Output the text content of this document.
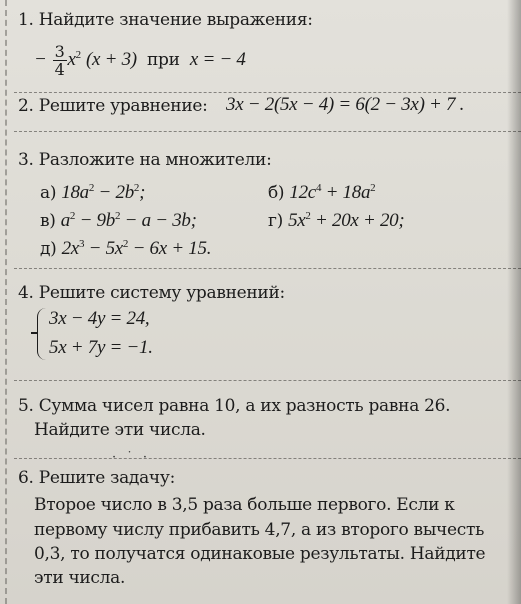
1. Найдите значение выражения:
− $\frac{3}{4} x^2$ (x + 3) при x = − 4
2. Решите уравнение: 3x − 2(5x − 4) = 6(2 − 3x) + 7 .
3. Разложите на множители:
а) $18a^2 - 2b^2$;	б) $12c^4 + 18a^2$
в) $a^2 - 9b^2 - a - 3b$;	г) $5x^2 + 20x + 20$;
д) $2x^3 - 5x^2 - 6x + 15$.
4. Решите систему уравнений:
3x − 4y = 24,
5x + 7y = −1.
5. Сумма чисел равна 10, а их разность равна 26.
Найдите эти числа.
· ˙ ·
6. Решите задачу:
Второе число в 3,5 раза больше первого. Если к
первому числу прибавить 4,7, а из второго вычесть
0,3, то получатся одинаковые результаты. Найдите
эти числа.
